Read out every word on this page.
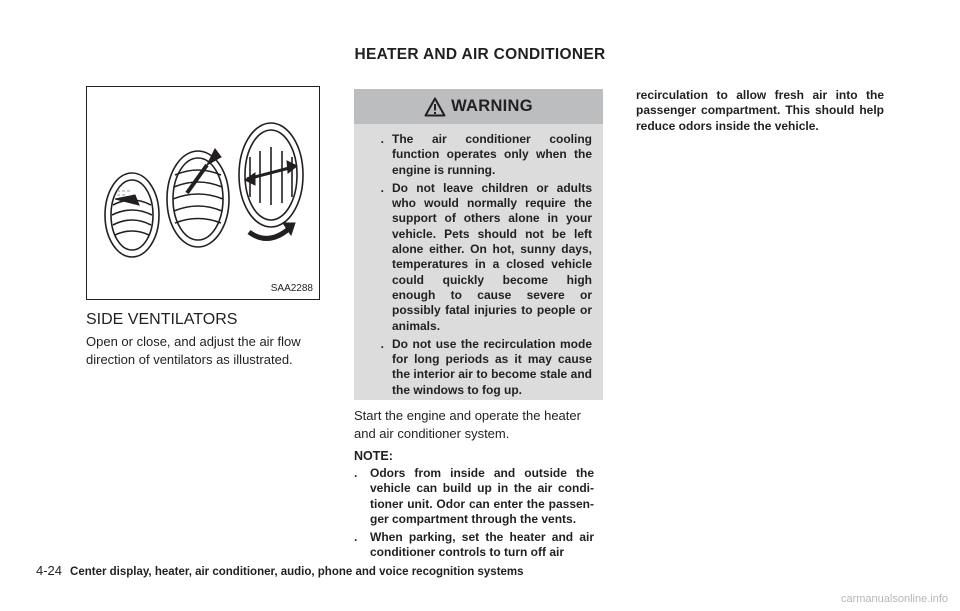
HEATER AND AIR CONDITIONER
SAA2288
SIDE VENTILATORS
Open or close, and adjust the air flow direction of ventilators as illustrated.
WARNING
. The air conditioner cooling function operates only when the engine is running.
. Do not leave children or adults who would normally require the support of others alone in your vehicle. Pets should not be left alone either. On hot, sunny days, temperatures in a closed vehicle could quickly become high enough to cause severe or possibly fatal injuries to people or animals.
. Do not use the recirculation mode for long periods as it may cause the interior air to become stale and the windows to fog up.
Start the engine and operate the heater and air conditioner system.
NOTE:
.	Odors from inside and outside the vehicle can build up in the air condi-tioner unit. Odor can enter the passen-ger compartment through the vents.
.	When parking, set the heater and air conditioner controls to turn off air
recirculation to allow fresh air into the passenger compartment. This should help reduce odors inside the vehicle.
4-24 Center display, heater, air conditioner, audio, phone and voice recognition systems
carmanualsonline.info
